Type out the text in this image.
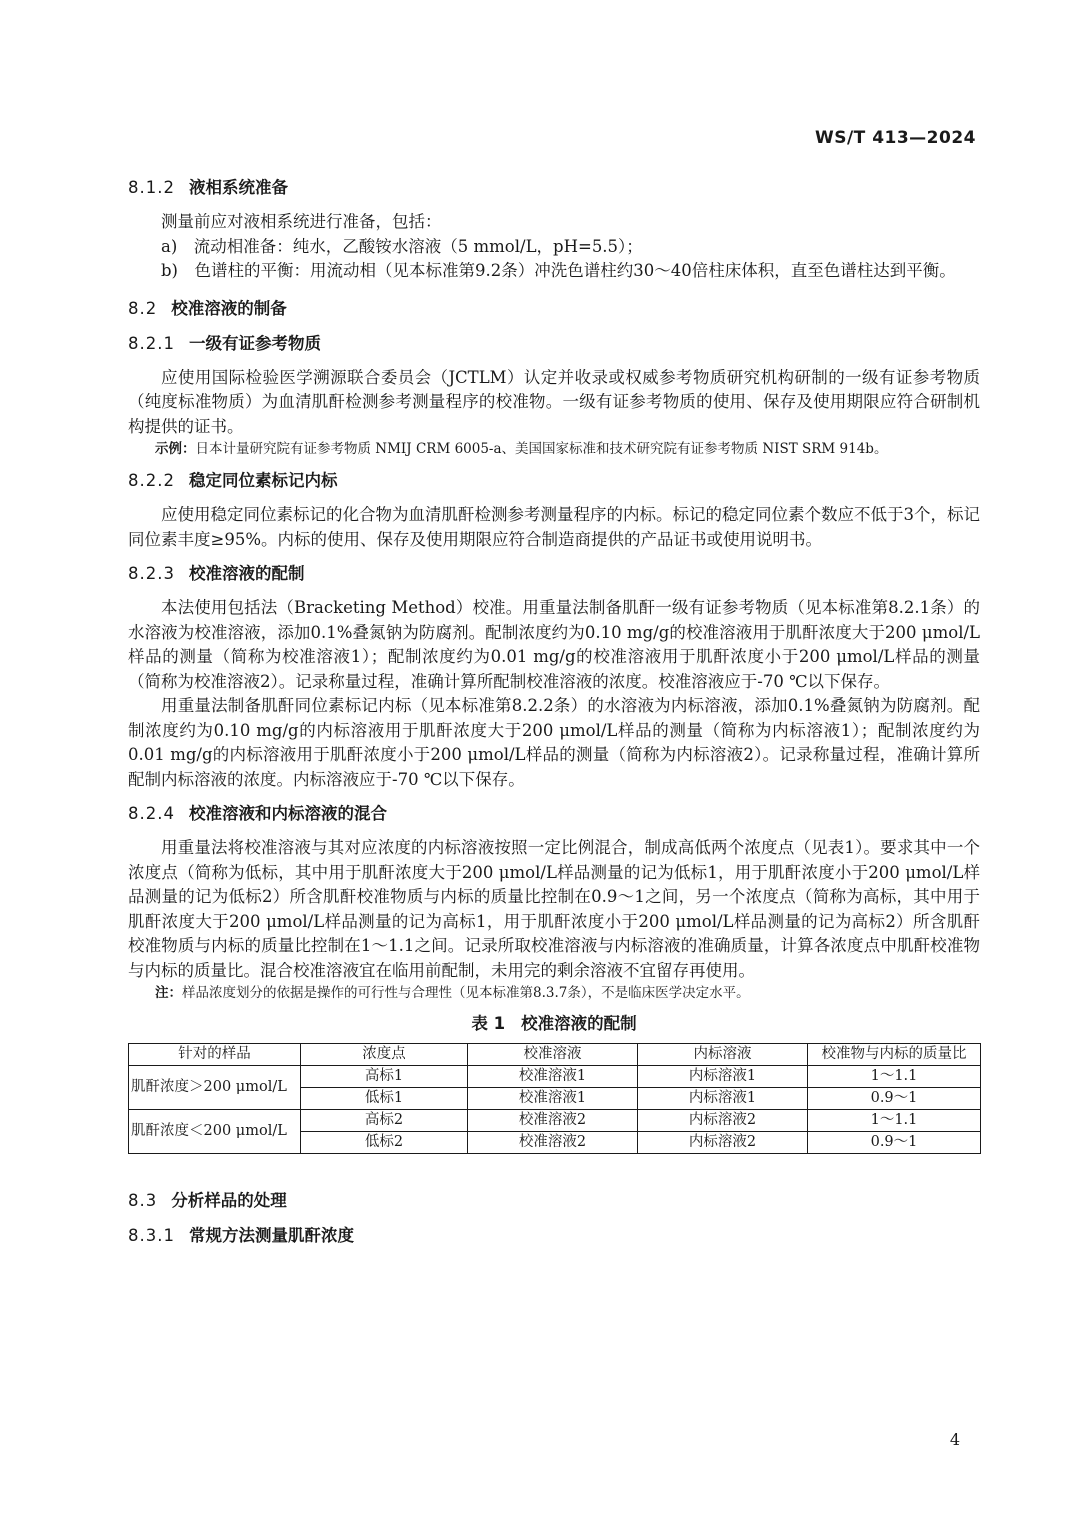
WS/T 413—2024

8.1.2 液相系统准备

测量前应对液相系统进行准备，包括：

a)　流动相准备：纯水，乙酸铵水溶液（5 mmol/L，pH=5.5）；

b)　色谱柱的平衡：用流动相（见本标准第9.2条）冲洗色谱柱约30～40倍柱床体积，直至色谱柱达到平衡。

8.2 校准溶液的制备

8.2.1 一级有证参考物质

应使用国际检验医学溯源联合委员会（JCTLM）认定并收录或权威参考物质研究机构研制的一级有证参考物质（纯度标准物质）为血清肌酐检测参考测量程序的校准物。一级有证参考物质的使用、保存及使用期限应符合研制机构提供的证书。

示例：日本计量研究院有证参考物质 NMIJ CRM 6005-a、美国国家标准和技术研究院有证参考物质 NIST SRM 914b。

8.2.2 稳定同位素标记内标

应使用稳定同位素标记的化合物为血清肌酐检测参考测量程序的内标。标记的稳定同位素个数应不低于3个，标记同位素丰度≥95%。内标的使用、保存及使用期限应符合制造商提供的产品证书或使用说明书。

8.2.3 校准溶液的配制

本法使用包括法（Bracketing Method）校准。用重量法制备肌酐一级有证参考物质（见本标准第8.2.1条）的水溶液为校准溶液，添加0.1%叠氮钠为防腐剂。配制浓度约为0.10 mg/g的校准溶液用于肌酐浓度大于200 μmol/L样品的测量（简称为校准溶液1）；配制浓度约为0.01 mg/g的校准溶液用于肌酐浓度小于200 μmol/L样品的测量（简称为校准溶液2）。记录称量过程，准确计算所配制校准溶液的浓度。校准溶液应于-70 ℃以下保存。

用重量法制备肌酐同位素标记内标（见本标准第8.2.2条）的水溶液为内标溶液，添加0.1%叠氮钠为防腐剂。配制浓度约为0.10 mg/g的内标溶液用于肌酐浓度大于200 μmol/L样品的测量（简称为内标溶液1）；配制浓度约为0.01 mg/g的内标溶液用于肌酐浓度小于200 μmol/L样品的测量（简称为内标溶液2）。记录称量过程，准确计算所配制内标溶液的浓度。内标溶液应于-70 ℃以下保存。

8.2.4 校准溶液和内标溶液的混合

用重量法将校准溶液与其对应浓度的内标溶液按照一定比例混合，制成高低两个浓度点（见表1）。要求其中一个浓度点（简称为低标，其中用于肌酐浓度大于200 μmol/L样品测量的记为低标1，用于肌酐浓度小于200 μmol/L样品测量的记为低标2）所含肌酐校准物质与内标的质量比控制在0.9～1之间，另一个浓度点（简称为高标，其中用于肌酐浓度大于200 μmol/L样品测量的记为高标1，用于肌酐浓度小于200 μmol/L样品测量的记为高标2）所含肌酐校准物质与内标的质量比控制在1～1.1之间。记录所取校准溶液与内标溶液的准确质量，计算各浓度点中肌酐校准物与内标的质量比。混合校准溶液宜在临用前配制，未用完的剩余溶液不宜留存再使用。

注：样品浓度划分的依据是操作的可行性与合理性（见本标准第8.3.7条），不是临床医学决定水平。

表 1 校准溶液的配制

针对的样品	浓度点	校准溶液	内标溶液	校准物与内标的质量比
肌酐浓度＞200 μmol/L	高标1	校准溶液1	内标溶液1	1～1.1
	低标1	校准溶液1	内标溶液1	0.9～1
肌酐浓度＜200 μmol/L	高标2	校准溶液2	内标溶液2	1～1.1
	低标2	校准溶液2	内标溶液2	0.9～1

8.3 分析样品的处理

8.3.1 常规方法测量肌酐浓度

4
